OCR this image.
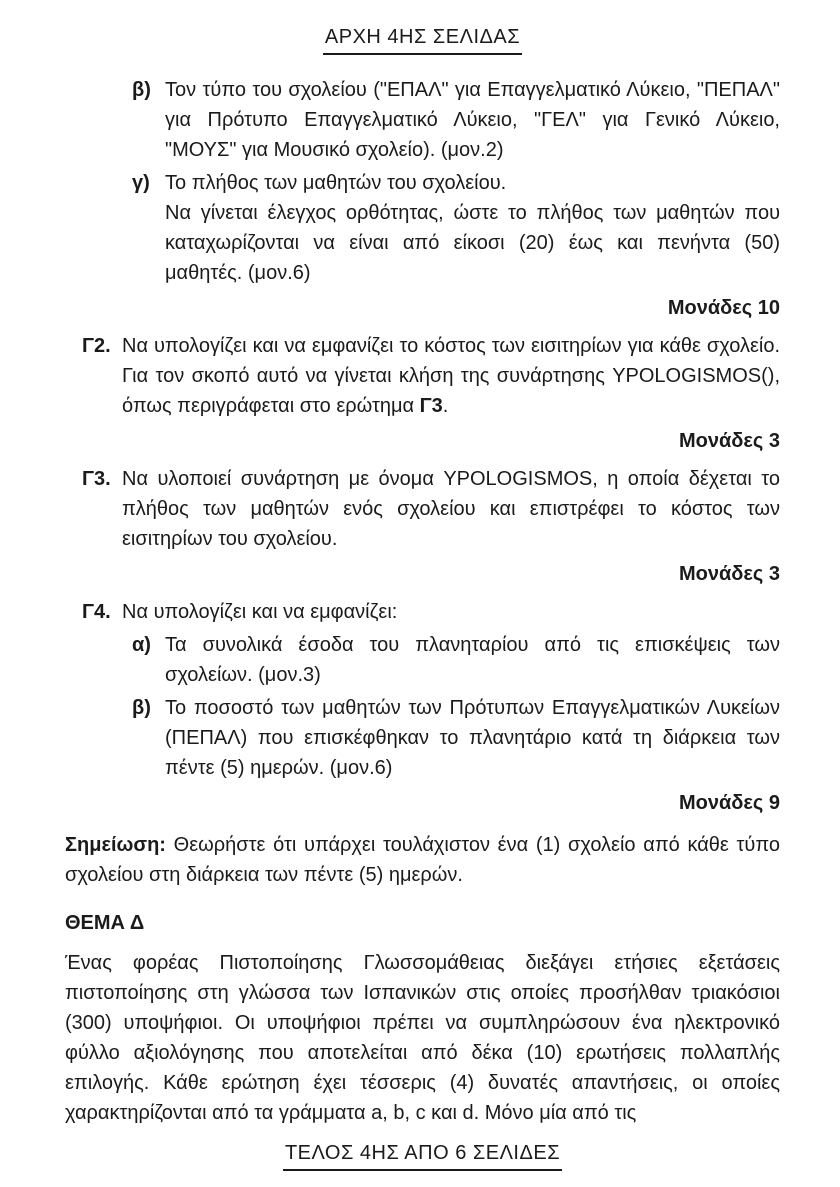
ΑΡΧΗ 4ΗΣ ΣΕΛΙΔΑΣ
β) Τον τύπο του σχολείου ("ΕΠΑΛ" για Επαγγελματικό Λύκειο, "ΠΕΠΑΛ" για Πρότυπο Επαγγελματικό Λύκειο, "ΓΕΛ" για Γενικό Λύκειο, "ΜΟΥΣ" για Μουσικό σχολείο). (μον.2)
γ) Το πλήθος των μαθητών του σχολείου.
Να γίνεται έλεγχος ορθότητας, ώστε το πλήθος των μαθητών που καταχωρίζονται να είναι από είκοσι (20) έως και πενήντα (50) μαθητές. (μον.6)
Μονάδες 10
Γ2. Να υπολογίζει και να εμφανίζει το κόστος των εισιτηρίων για κάθε σχολείο. Για τον σκοπό αυτό να γίνεται κλήση της συνάρτησης YPOLOGISMOS(), όπως περιγράφεται στο ερώτημα Γ3.
Μονάδες 3
Γ3. Να υλοποιεί συνάρτηση με όνομα YPOLOGISMOS, η οποία δέχεται το πλήθος των μαθητών ενός σχολείου και επιστρέφει το κόστος των εισιτηρίων του σχολείου.
Μονάδες 3
Γ4. Να υπολογίζει και να εμφανίζει:
α) Τα συνολικά έσοδα του πλανηταρίου από τις επισκέψεις των σχολείων. (μον.3)
β) Το ποσοστό των μαθητών των Πρότυπων Επαγγελματικών Λυκείων (ΠΕΠΑΛ) που επισκέφθηκαν το πλανητάριο κατά τη διάρκεια των πέντε (5) ημερών. (μον.6)
Μονάδες 9

Σημείωση: Θεωρήστε ότι υπάρχει τουλάχιστον ένα (1) σχολείο από κάθε τύπο σχολείου στη διάρκεια των πέντε (5) ημερών.

ΘΕΜΑ Δ

Ένας φορέας Πιστοποίησης Γλωσσομάθειας διεξάγει ετήσιες εξετάσεις πιστοποίησης στη γλώσσα των Ισπανικών στις οποίες προσήλθαν τριακόσιοι (300) υποψήφιοι. Οι υποψήφιοι πρέπει να συμπληρώσουν ένα ηλεκτρονικό φύλλο αξιολόγησης που αποτελείται από δέκα (10) ερωτήσεις πολλαπλής επιλογής. Κάθε ερώτηση έχει τέσσερις (4) δυνατές απαντήσεις, οι οποίες χαρακτηρίζονται από τα γράμματα a, b, c και d. Μόνο μία από τις

ΤΕΛΟΣ 4ΗΣ ΑΠΟ 6 ΣΕΛΙΔΕΣ
